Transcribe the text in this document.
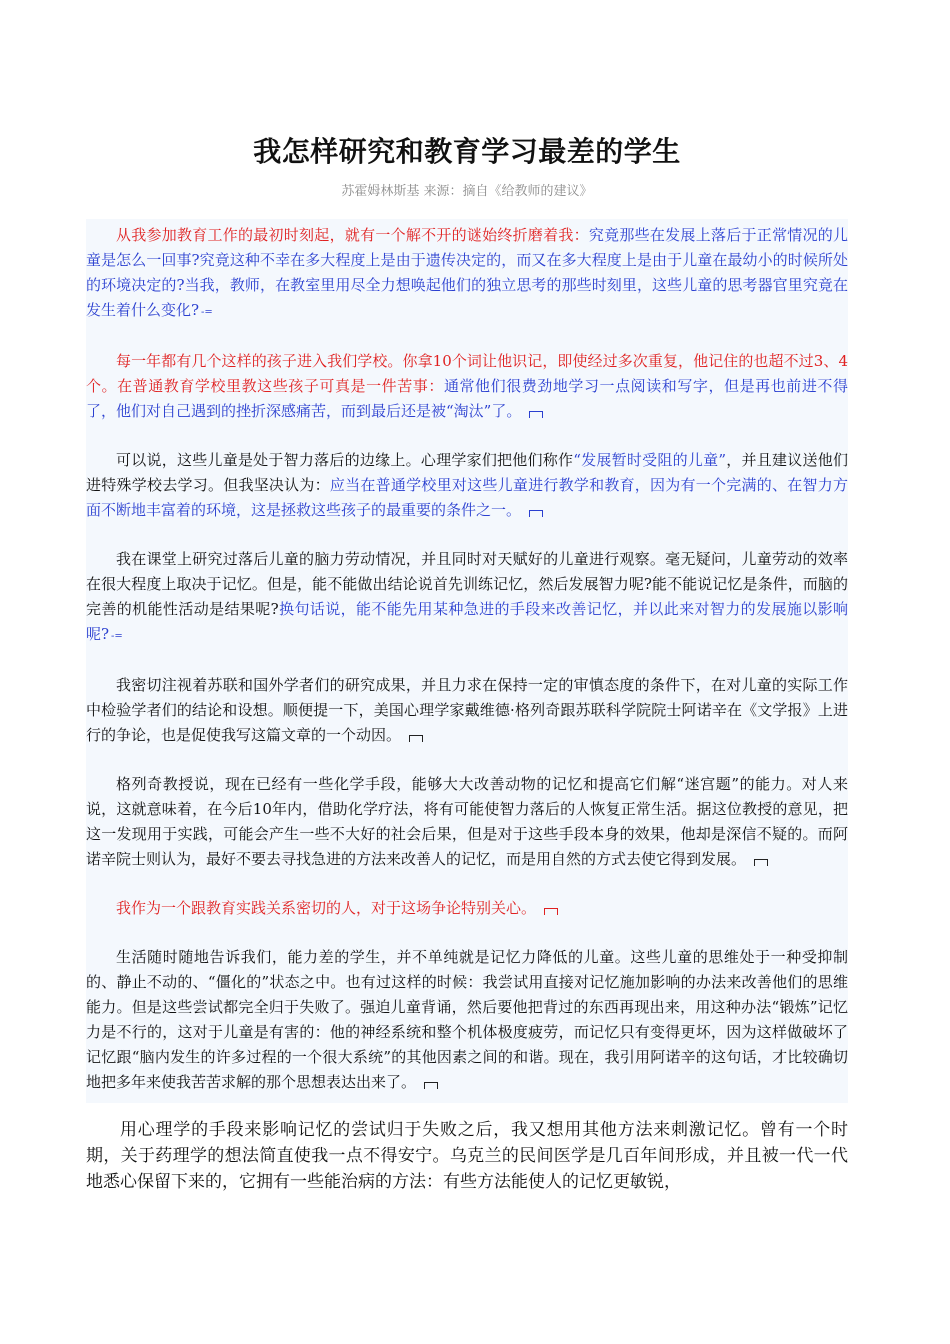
我怎样研究和教育学习最差的学生
苏霍姆林斯基 来源：摘自《给教师的建议》

从我参加教育工作的最初时刻起，就有一个解不开的谜始终折磨着我：究竟那些在发展上落后于正常情况的儿童是怎么一回事?究竟这种不幸在多大程度上是由于遗传决定的，而又在多大程度上是由于儿童在最幼小的时候所处的环境决定的?当我，教师，在教室里用尽全力想唤起他们的独立思考的那些时刻里，这些儿童的思考器官里究竟在发生着什么变化? -=

每一年都有几个这样的孩子进入我们学校。你拿10个词让他识记，即使经过多次重复，他记住的也超不过3、4个。在普通教育学校里教这些孩子可真是一件苦事：通常他们很费劲地学习一点阅读和写字，但是再也前进不得了，他们对自己遇到的挫折深感痛苦，而到最后还是被“淘汰”了。

可以说，这些儿童是处于智力落后的边缘上。心理学家们把他们称作“发展暂时受阻的儿童”，并且建议送他们进特殊学校去学习。但我坚决认为：应当在普通学校里对这些儿童进行教学和教育，因为有一个完满的、在智力方面不断地丰富着的环境，这是拯救这些孩子的最重要的条件之一。

我在课堂上研究过落后儿童的脑力劳动情况，并且同时对天赋好的儿童进行观察。毫无疑问，儿童劳动的效率在很大程度上取决于记忆。但是，能不能做出结论说首先训练记忆，然后发展智力呢?能不能说记忆是条件，而脑的完善的机能性活动是结果呢?换句话说，能不能先用某种急进的手段来改善记忆，并以此来对智力的发展施以影响呢? -=

我密切注视着苏联和国外学者们的研究成果，并且力求在保持一定的审慎态度的条件下，在对儿童的实际工作中检验学者们的结论和设想。顺便提一下，美国心理学家戴维德·格列奇跟苏联科学院院士阿诺辛在《文学报》上进行的争论，也是促使我写这篇文章的一个动因。

格列奇教授说，现在已经有一些化学手段，能够大大改善动物的记忆和提高它们解“迷宫题”的能力。对人来说，这就意味着，在今后10年内，借助化学疗法，将有可能使智力落后的人恢复正常生活。据这位教授的意见，把这一发现用于实践，可能会产生一些不大好的社会后果，但是对于这些手段本身的效果，他却是深信不疑的。而阿诺辛院士则认为，最好不要去寻找急进的方法来改善人的记忆，而是用自然的方式去使它得到发展。

我作为一个跟教育实践关系密切的人，对于这场争论特别关心。

生活随时随地告诉我们，能力差的学生，并不单纯就是记忆力降低的儿童。这些儿童的思维处于一种受抑制的、静止不动的、“僵化的”状态之中。也有过这样的时候：我尝试用直接对记忆施加影响的办法来改善他们的思维能力。但是这些尝试都完全归于失败了。强迫儿童背诵，然后要他把背过的东西再现出来，用这种办法“锻炼”记忆力是不行的，这对于儿童是有害的：他的神经系统和整个机体极度疲劳，而记忆只有变得更坏，因为这样做破坏了记忆跟“脑内发生的许多过程的一个很大系统”的其他因素之间的和谐。现在，我引用阿诺辛的这句话，才比较确切地把多年来使我苦苦求解的那个思想表达出来了。

用心理学的手段来影响记忆的尝试归于失败之后，我又想用其他方法来刺激记忆。曾有一个时期，关于药理学的想法简直使我一点不得安宁。乌克兰的民间医学是几百年间形成，并且被一代一代地悉心保留下来的，它拥有一些能治病的方法：有些方法能使人的记忆更敏锐，
